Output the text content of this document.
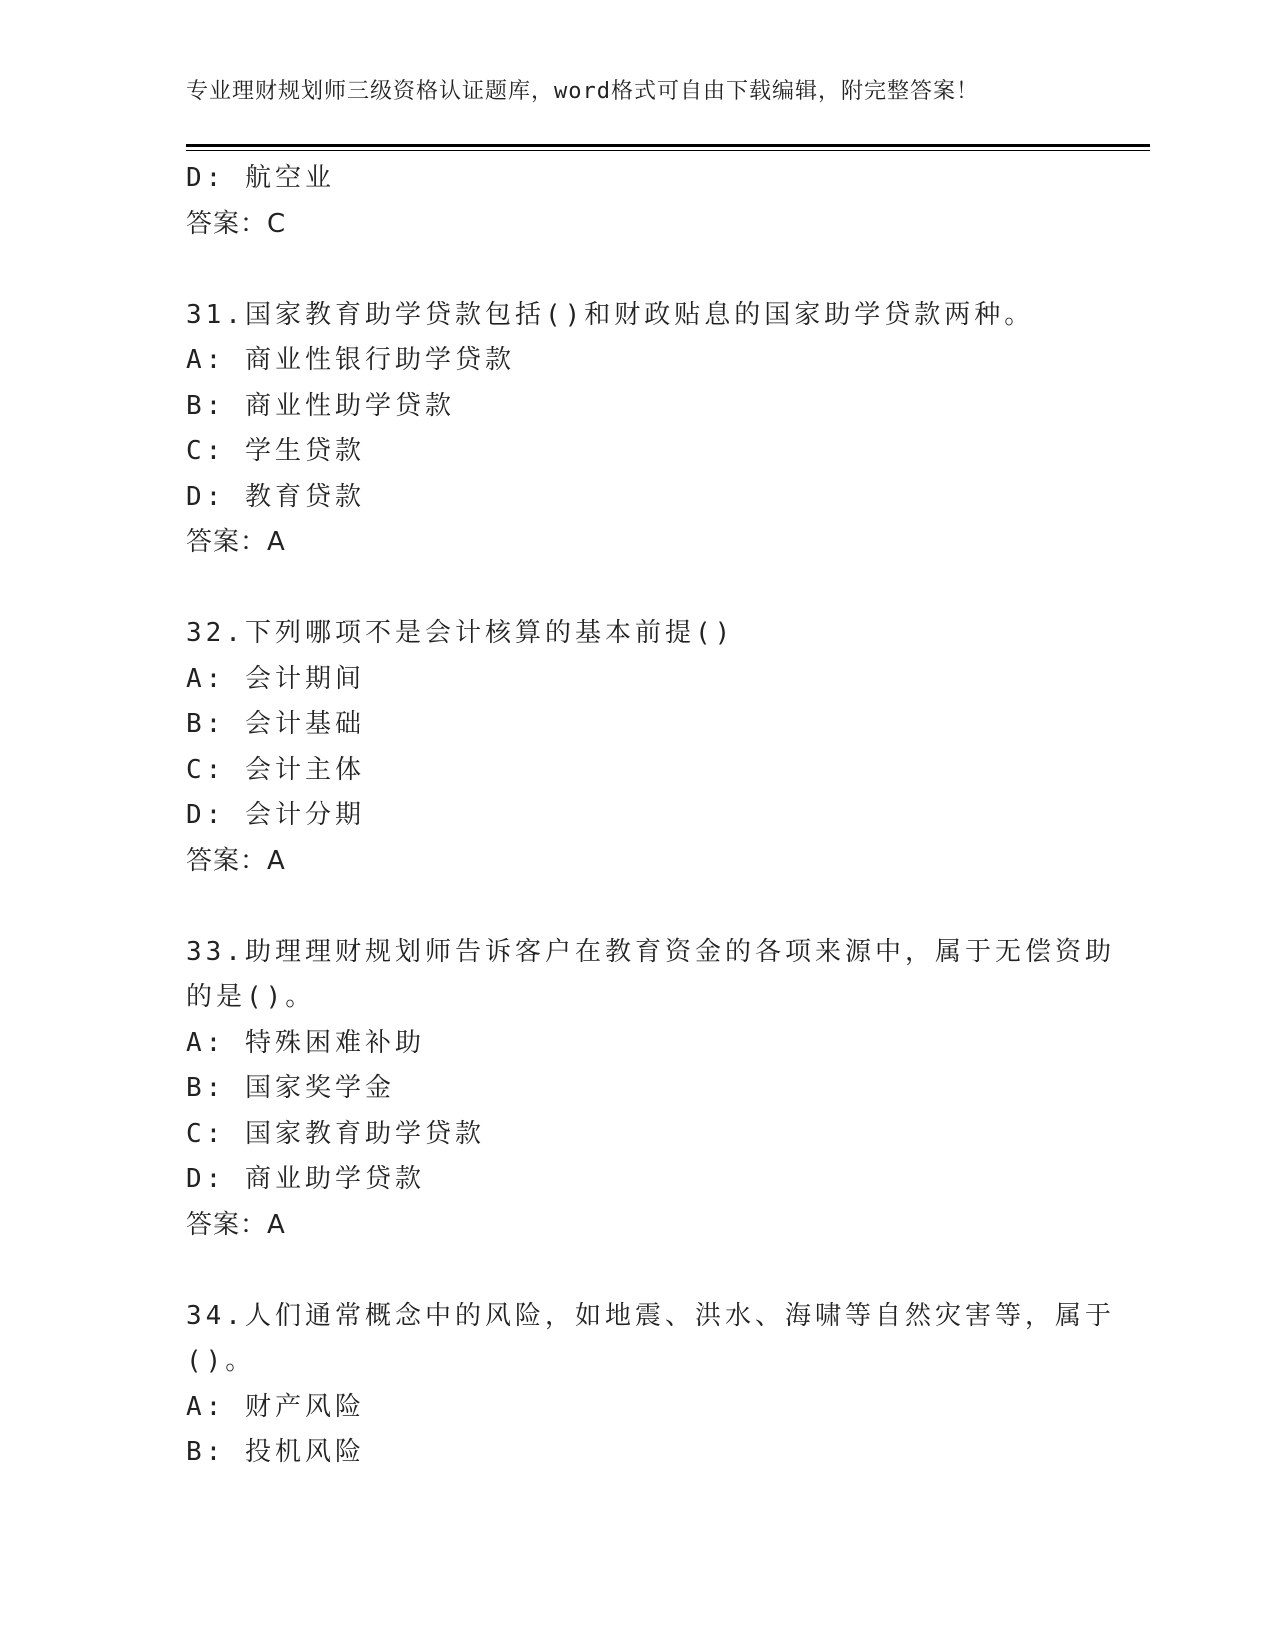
专业理财规划师三级资格认证题库，word格式可自由下载编辑，附完整答案！
D: 航空业
答案：C
31.国家教育助学贷款包括()和财政贴息的国家助学贷款两种。
A: 商业性银行助学贷款
B: 商业性助学贷款
C: 学生贷款
D: 教育贷款
答案：A
32.下列哪项不是会计核算的基本前提()
A: 会计期间
B: 会计基础
C: 会计主体
D: 会计分期
答案：A
33.助理理财规划师告诉客户在教育资金的各项来源中，属于无偿资助
的是()。
A: 特殊困难补助
B: 国家奖学金
C: 国家教育助学贷款
D: 商业助学贷款
答案：A
34.人们通常概念中的风险，如地震、洪水、海啸等自然灾害等，属于
()。
A: 财产风险
B: 投机风险
